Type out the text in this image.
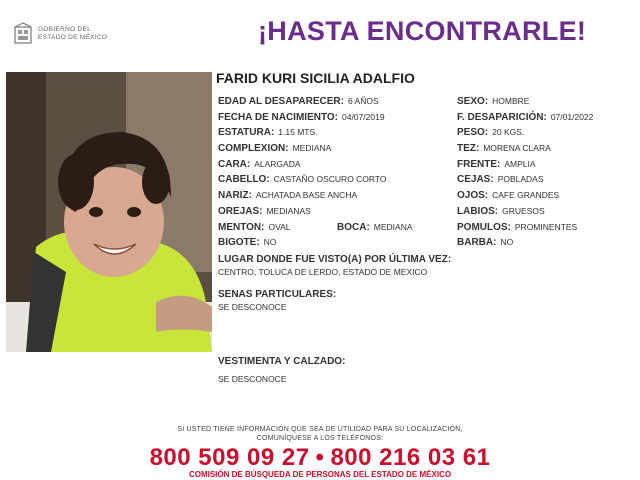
GOBIERNO DEL
ESTADO DE MÉXICO	¡HASTA ENCONTRARLE!
FARID KURI SICILIA ADALFIO
EDAD AL DESAPARECER: 6 AÑOS
FECHA DE NACIMIENTO: 04/07/2019
ESTATURA: 1.15 MTS.
COMPLEXION: MEDIANA
CARA: ALARGADA
CABELLO: CASTAÑO OSCURO CORTO
NARIZ: ACHATADA BASE ANCHA
OREJAS: MEDIANAS
MENTON: OVAL	BOCA: MEDIANA
BIGOTE: NO
SEXO: HOMBRE
F. DESAPARICIÓN: 07/01/2022
PESO: 20 KGS.
TEZ: MORENA CLARA
FRENTE: AMPLIA
CEJAS: POBLADAS
OJOS: CAFE GRANDES
LABIOS: GRUESOS
POMULOS: PROMINENTES
BARBA: NO
LUGAR DONDE FUE VISTO(A) POR ÚLTIMA VEZ:
CENTRO, TOLUCA DE LERDO, ESTADO DE MEXICO
SENAS PARTICULARES:
SE DESCONOCE
VESTIMENTA Y CALZADO:
SE DESCONOCE
SI USTED TIENE INFORMACIÓN QUE SEA DE UTILIDAD PARA SU LOCALIZACIÓN,
COMUNÍQUESE A LOS TELÉFONOS:
800 509 09 27 • 800 216 03 61
COMISIÓN DE BÚSQUEDA DE PERSONAS DEL ESTADO DE MÉXICO
